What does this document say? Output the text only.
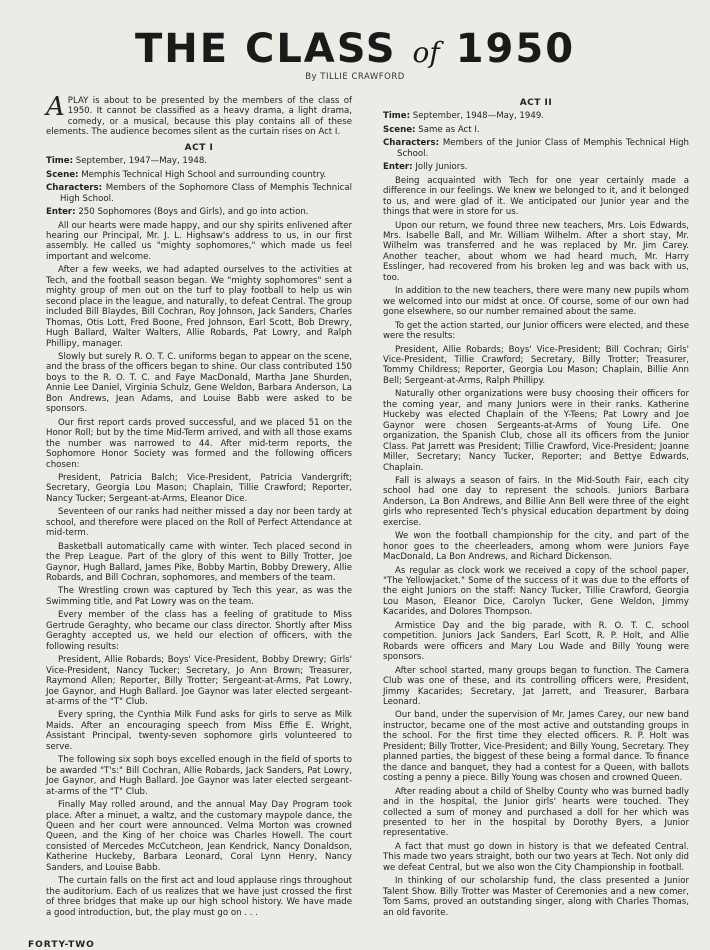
THE CLASS of 1950
By TILLIE CRAWFORD

APLAY is about to be presented by the members of the class of 1950. It cannot be classified as a heavy drama, a light drama, comedy, or a musical, because this play contains all of these elements. The audience becomes silent as the curtain rises on Act I.

ACT I

Time: September, 1947—May, 1948.

Scene: Memphis Technical High School and surrounding country.

Characters: Members of the Sophomore Class of Memphis Technical High School.

Enter: 250 Sophomores (Boys and Girls), and go into action.

All our hearts were made happy, and our shy spirits enlivened after hearing our Principal, Mr. J. L. Highsaw's address to us, in our first assembly. He called us "mighty sophomores," which made us feel important and welcome.

After a few weeks, we had adapted ourselves to the activities at Tech, and the football season began. We "mighty sophomores" sent a mighty group of men out on the turf to play football to help us win second place in the league, and naturally, to defeat Central. The group included Bill Blaydes, Bill Cochran, Roy Johnson, Jack Sanders, Charles Thomas, Otis Lott, Fred Boone, Fred Johnson, Earl Scott, Bob Drewry, Hugh Ballard, Walter Walters, Allie Robards, Pat Lowry, and Ralph Phillipy, manager.

Slowly but surely R. O. T. C. uniforms began to appear on the scene, and the brass of the officers began to shine. Our class contributed 150 boys to the R. O. T. C. and Faye MacDonald, Martha Jane Shurden, Annie Lee Daniel, Virginia Schulz, Gene Weldon, Barbara Anderson, La Bon Andrews, Jean Adams, and Louise Babb were asked to be sponsors.

Our first report cards proved successful, and we placed 51 on the Honor Roll; but by the time Mid-Term arrived, and with all those exams the number was narrowed to 44. After mid-term reports, the Sophomore Honor Society was formed and the following officers chosen:

President, Patricia Balch; Vice-President, Patricia Vandergrift; Secretary, Georgia Lou Mason; Chaplain, Tillie Crawford; Reporter, Nancy Tucker; Sergeant-at-Arms, Eleanor Dice.

Seventeen of our ranks had neither missed a day nor been tardy at school, and therefore were placed on the Roll of Perfect Attendance at mid-term.

Basketball automatically came with winter. Tech placed second in the Prep League. Part of the glory of this went to Billy Trotter, Joe Gaynor, Hugh Ballard, James Pike, Bobby Martin, Bobby Drewery, Allie Robards, and Bill Cochran, sophomores, and members of the team.

The Wrestling crown was captured by Tech this year, as was the Swimming title, and Pat Lowry was on the team.

Every member of the class has a feeling of gratitude to Miss Gertrude Geraghty, who became our class director. Shortly after Miss Geraghty accepted us, we held our election of officers, with the following results:

President, Allie Robards; Boys' Vice-President, Bobby Drewry; Girls' Vice-President, Nancy Tucker; Secretary, Jo Ann Brown; Treasurer, Raymond Allen; Reporter, Billy Trotter; Sergeant-at-Arms, Pat Lowry, Joe Gaynor, and Hugh Ballard. Joe Gaynor was later elected sergeant-at-arms of the "T" Club.

Every spring, the Cynthia Milk Fund asks for girls to serve as Milk Maids. After an encouraging speech from Miss Effie E. Wright, Assistant Principal, twenty-seven sophomore girls volunteered to serve.

The following six soph boys excelled enough in the field of sports to be awarded "T's:" Bill Cochran, Allie Robards, Jack Sanders, Pat Lowry, Joe Gaynor, and Hugh Ballard. Joe Gaynor was later elected sergeant-at-arms of the "T" Club.

Finally May rolled around, and the annual May Day Program took place. After a minuet, a waltz, and the customary maypole dance, the Queen and her court were announced. Velma Morton was crowned Queen, and the King of her choice was Charles Howell. The court consisted of Mercedes McCutcheon, Jean Kendrick, Nancy Donaldson, Katherine Huckeby, Barbara Leonard, Coral Lynn Henry, Nancy Sanders, and Louise Babb.

The curtain falls on the first act and loud applause rings throughout the auditorium. Each of us realizes that we have just crossed the first of three bridges that make up our high school history. We have made a good introduction, but, the play must go on . . .

ACT II

Time: September, 1948—May, 1949.

Scene: Same as Act I.

Characters: Members of the Junior Class of Memphis Technical High School.

Enter: Jolly Juniors.

Being acquainted with Tech for one year certainly made a difference in our feelings. We knew we belonged to it, and it belonged to us, and were glad of it. We anticipated our Junior year and the things that were in store for us.

Upon our return, we found three new teachers, Mrs. Lois Edwards, Mrs. Isabelle Ball, and Mr. William Wilhelm. After a short stay, Mr. Wilhelm was transferred and he was replaced by Mr. Jim Carey. Another teacher, about whom we had heard much, Mr. Harry Esslinger, had recovered from his broken leg and was back with us, too.

In addition to the new teachers, there were many new pupils whom we welcomed into our midst at once. Of course, some of our own had gone elsewhere, so our number remained about the same.

To get the action started, our Junior officers were elected, and these were the results:

President, Allie Robards; Boys' Vice-President; Bill Cochran; Girls' Vice-President, Tillie Crawford; Secretary, Billy Trotter; Treasurer, Tommy Childress; Reporter, Georgia Lou Mason; Chaplain, Billie Ann Bell; Sergeant-at-Arms, Ralph Phillipy.

Naturally other organizations were busy choosing their officers for the coming year, and many Juniors were in their ranks. Katherine Huckeby was elected Chaplain of the Y-Teens; Pat Lowry and Joe Gaynor were chosen Sergeants-at-Arms of Young Life. One organization, the Spanish Club, chose all its officers from the Junior Class. Pat Jarrett was President; Tillie Crawford, Vice-President; Joanne Miller, Secretary; Nancy Tucker, Reporter; and Bettye Edwards, Chaplain.

Fall is always a season of fairs. In the Mid-South Fair, each city school had one day to represent the schools. Juniors Barbara Anderson, La Bon Andrews, and Billie Ann Bell were three of the eight girls who represented Tech's physical education department by doing exercise.

We won the football championship for the city, and part of the honor goes to the cheerleaders, among whom were Juniors Faye MacDonald, La Bon Andrews, and Richard Dickenson.

As regular as clock work we received a copy of the school paper, "The Yellowjacket." Some of the success of it was due to the efforts of the eight Juniors on the staff: Nancy Tucker, Tillie Crawford, Georgia Lou Mason, Eleanor Dice, Carolyn Tucker, Gene Weldon, Jimmy Kacarides, and Dolores Thompson.

Armistice Day and the big parade, with R. O. T. C. school competition. Juniors Jack Sanders, Earl Scott, R. P. Holt, and Allie Robards were officers and Mary Lou Wade and Billy Young were sponsors.

After school started, many groups began to function. The Camera Club was one of these, and its controlling officers were, President, Jimmy Kacarides; Secretary, Jat Jarrett, and Treasurer, Barbara Leonard.

Our band, under the supervision of Mr. James Carey, our new band instructor, became one of the most active and outstanding groups in the school. For the first time they elected officers. R. P. Holt was President; Billy Trotter, Vice-President; and Billy Young, Secretary. They planned parties, the biggest of these being a formal dance. To finance the dance and banquet, they had a contest for a Queen, with ballots costing a penny a piece. Billy Young was chosen and crowned Queen.

After reading about a child of Shelby County who was burned badly and in the hospital, the Junior girls' hearts were touched. They collected a sum of money and purchased a doll for her which was presented to her in the hospital by Dorothy Byers, a Junior representative.

A fact that must go down in history is that we defeated Central. This made two years straight, both our two years at Tech. Not only did we defeat Central, but we also won the City Championship in football.

In thinking of our scholarship fund, the class presented a Junior Talent Show. Billy Trotter was Master of Ceremonies and a new comer, Tom Sams, proved an outstanding singer, along with Charles Thomas, an old favorite.

FORTY-TWO
